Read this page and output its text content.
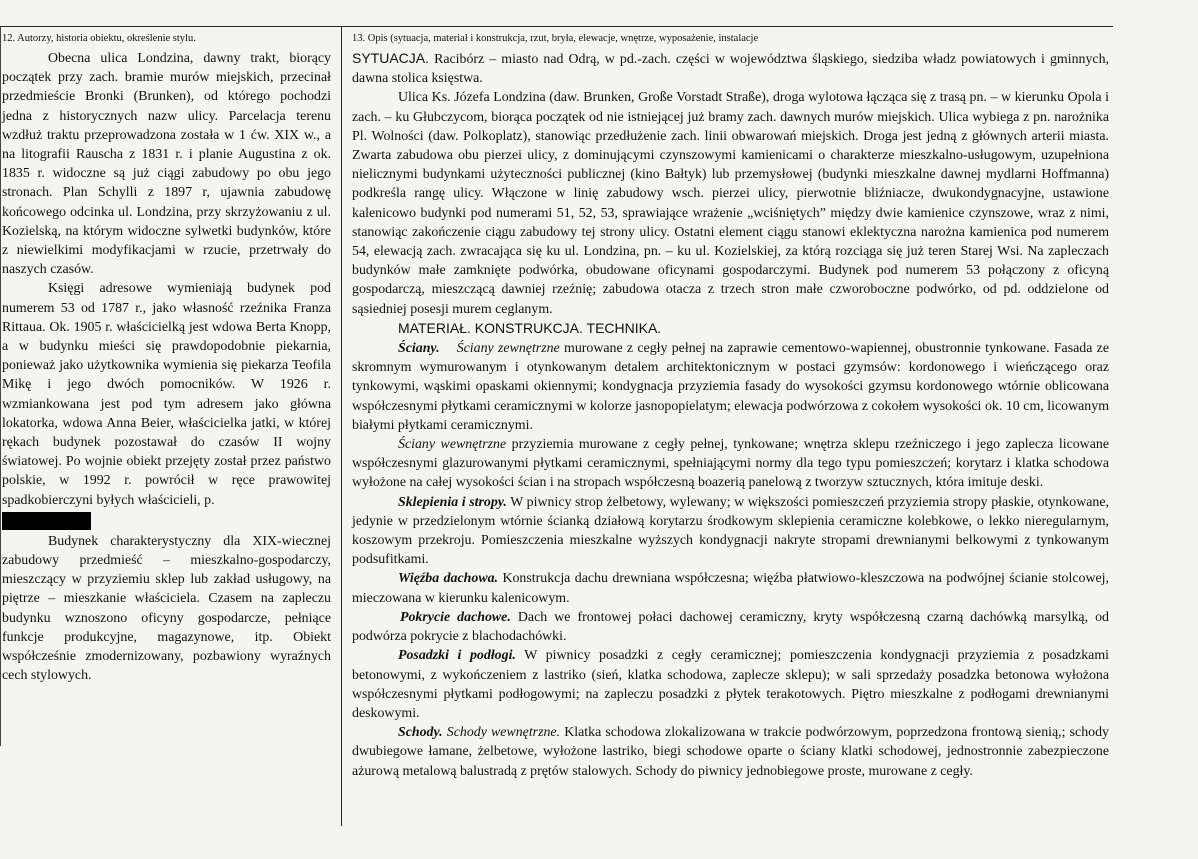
12. Autorzy, historia obiektu, określenie stylu.

Obecna ulica Londzina, dawny trakt, biorący początek przy zach. bramie murów miejskich, przecinał przedmieście Bronki (Brunken), od którego pochodzi jedna z historycznych nazw ulicy. Parcelacja terenu wzdłuż traktu przeprowadzona została w 1 ćw. XIX w., a na litografii Rauscha z 1831 r. i planie Augustina z ok. 1835 r. widoczne są już ciągi zabudowy po obu jego stronach. Plan Schylli z 1897 r, ujawnia zabudowę końcowego odcinka ul. Londzina, przy skrzyżowaniu z ul. Kozielską, na którym widoczne sylwetki budynków, które z niewielkimi modyfikacjami w rzucie, przetrwały do naszych czasów.

Księgi adresowe wymieniają budynek pod numerem 53 od 1787 r., jako własność rzeźnika Franza Rittaua. Ok. 1905 r. właścicielką jest wdowa Berta Knopp, a w budynku mieści się prawdopodobnie piekarnia, ponieważ jako użytkownika wymienia się piekarza Teofila Mikę i jego dwóch pomocników. W 1926 r. wzmiankowana jest pod tym adresem jako główna lokatorka, wdowa Anna Beier, właścicielka jatki, w której rękach budynek pozostawał do czasów II wojny światowej. Po wojnie obiekt przejęty został przez państwo polskie, w 1992 r. powrócił w ręce prawowitej spadkobierczyni byłych właścicieli, p.

Budynek charakterystyczny dla XIX-wiecznej zabudowy przedmieść – mieszkalno-gospodarczy, mieszczący w przyziemiu sklep lub zakład usługowy, na piętrze – mieszkanie właściciela. Czasem na zapleczu budynku wznoszono oficyny gospodarcze, pełniące funkcje produkcyjne, magazynowe, itp. Obiekt współcześnie zmodernizowany, pozbawiony wyraźnych cech stylowych.

13. Opis (sytuacja, materiał i konstrukcja, rzut, bryła, elewacje, wnętrze, wyposażenie, instalacje

SYTUACJA. Racibórz – miasto nad Odrą, w pd.-zach. części w województwa śląskiego, siedziba władz powiatowych i gminnych, dawna stolica księstwa.

Ulica Ks. Józefa Londzina (daw. Brunken, Große Vorstadt Straße), droga wylotowa łącząca się z trasą pn. – w kierunku Opola i zach. – ku Głubczycom, biorąca początek od nie istniejącej już bramy zach. dawnych murów miejskich. Ulica wybiega z pn. narożnika Pl. Wolności (daw. Polkoplatz), stanowiąc przedłużenie zach. linii obwarowań miejskich. Droga jest jedną z głównych arterii miasta. Zwarta zabudowa obu pierzei ulicy, z dominującymi czynszowymi kamienicami o charakterze mieszkalno-usługowym, uzupełniona nielicznymi budynkami użyteczności publicznej (kino Bałtyk) lub przemysłowej (budynki mieszkalne dawnej mydlarni Hoffmanna) podkreśla rangę ulicy. Włączone w linię zabudowy wsch. pierzei ulicy, pierwotnie bliźniacze, dwukondygnacyjne, ustawione kalenicowo budynki pod numerami 51, 52, 53, sprawiające wrażenie „wciśniętych” między dwie kamienice czynszowe, wraz z nimi, stanowiąc zakończenie ciągu zabudowy tej strony ulicy. Ostatni element ciągu stanowi eklektyczna narożna kamienica pod numerem 54, elewacją zach. zwracająca się ku ul. Londzina, pn. – ku ul. Kozielskiej, za którą rozciąga się już teren Starej Wsi. Na zapleczach budynków małe zamknięte podwórka, obudowane oficynami gospodarczymi. Budynek pod numerem 53 połączony z oficyną gospodarczą, mieszczącą dawniej rzeźnię; zabudowa otacza z trzech stron małe czworoboczne podwórko, od pd. oddzielone od sąsiedniej posesji murem ceglanym.

MATERIAŁ. KONSTRUKCJA. TECHNIKA.

Ściany. Ściany zewnętrzne murowane z cegły pełnej na zaprawie cementowo-wapiennej, obustronnie tynkowane. Fasada ze skromnym wymurowanym i otynkowanym detalem architektonicznym w postaci gzymsów: kordonowego i wieńczącego oraz tynkowymi, wąskimi opaskami okiennymi; kondygnacja przyziemia fasady do wysokości gzymsu kordonowego wtórnie oblicowana współczesnymi płytkami ceramicznymi w kolorze jasnopopielatym; elewacja podwórzowa z cokołem wysokości ok. 10 cm, licowanym białymi płytkami ceramicznymi.

Ściany wewnętrzne przyziemia murowane z cegły pełnej, tynkowane; wnętrza sklepu rzeźniczego i jego zaplecza licowane współczesnymi glazurowanymi płytkami ceramicznymi, spełniającymi normy dla tego typu pomieszczeń; korytarz i klatka schodowa wyłożone na całej wysokości ścian i na stropach współczesną boazerią panelową z tworzyw sztucznych, która imituje deski.

Sklepienia i stropy. W piwnicy strop żelbetowy, wylewany; w większości pomieszczeń przyziemia stropy płaskie, otynkowane, jedynie w przedzielonym wtórnie ścianką działową korytarzu środkowym sklepienia ceramiczne kolebkowe, o lekko nieregularnym, koszowym przekroju. Pomieszczenia mieszkalne wyższych kondygnacji nakryte stropami drewnianymi belkowymi z tynkowanym podsufitkami.

Więźba dachowa. Konstrukcja dachu drewniana współczesna; więźba płatwiowo-kleszczowa na podwójnej ścianie stolcowej, mieczowana w kierunku kalenicowym.

Pokrycie dachowe. Dach we frontowej połaci dachowej ceramiczny, kryty współczesną czarną dachówką marsylką, od podwórza pokrycie z blachodachówki.

Posadzki i podłogi. W piwnicy posadzki z cegły ceramicznej; pomieszczenia kondygnacji przyziemia z posadzkami betonowymi, z wykończeniem z lastriko (sień, klatka schodowa, zaplecze sklepu); w sali sprzedaży posadzka betonowa wyłożona współczesnymi płytkami podłogowymi; na zapleczu posadzki z płytek terakotowych. Piętro mieszkalne z podłogami drewnianymi deskowymi.

Schody. Schody wewnętrzne. Klatka schodowa zlokalizowana w trakcie podwórzowym, poprzedzona frontową sienią,; schody dwubiegowe łamane, żelbetowe, wyłożone lastriko, biegi schodowe oparte o ściany klatki schodowej, jednostronnie zabezpieczone ażurową metalową balustradą z prętów stalowych. Schody do piwnicy jednobiegowe proste, murowane z cegły.
